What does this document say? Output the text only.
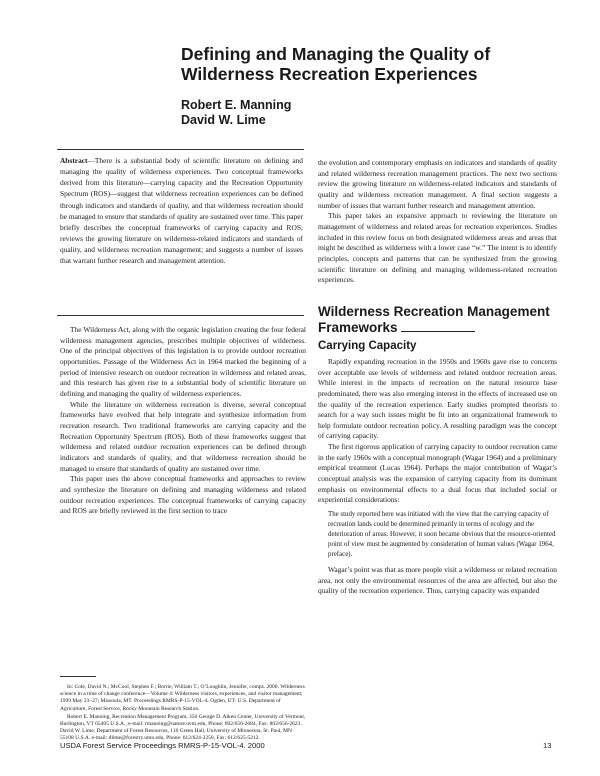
Defining and Managing the Quality of
Wilderness Recreation Experiences
Robert E. Manning
David W. Lime
Abstract—There is a substantial body of scientific literature on defining and managing the quality of wilderness experiences. Two conceptual frameworks derived from this literature—carrying capacity and the Recreation Opportunity Spectrum (ROS)—suggest that wilderness recreation experiences can be defined through indicators and standards of quality, and that wilderness recreation should be managed to ensure that standards of quality are sustained over time. This paper briefly describes the conceptual frameworks of carrying capacity and ROS; reviews the growing literature on wilderness-related indicators and standards of quality, and wilderness recreation management; and suggests a number of issues that warrant further research and management attention.

The Wilderness Act, along with the organic legislation creating the four federal wilderness management agencies, prescribes multiple objectives of wilderness. One of the principal objectives of this legislation is to provide outdoor recreation opportunities. Passage of the Wilderness Act in 1964 marked the beginning of a period of intensive research on outdoor recreation in wilderness and related areas, and this research has given rise to a substantial body of scientific literature on defining and managing the quality of wilderness experiences.

While the literature on wilderness recreation is diverse, several conceptual frameworks have evolved that help integrate and synthesize information from recreation research. Two traditional frameworks are carrying capacity and the Recreation Opportunity Spectrum (ROS). Both of these frameworks suggest that wilderness and related outdoor recreation experiences can be defined through indicators and standards of quality, and that wilderness recreation should be managed to ensure that standards of quality are sustained over time.

This paper uses the above conceptual frameworks and approaches to review and synthesize the literature on defining and managing wilderness and related outdoor recreation experiences. The conceptual frameworks of carrying capacity and ROS are briefly reviewed in the first section to trace

In: Cole, David N.; McCool, Stephen F.; Borrie, William T.; O’Loughlin, Jennifer, comps. 2000. Wilderness science in a time of change conference—Volume 4: Wilderness visitors, experiences, and visitor management; 1999 May 23–27; Missoula, MT. Proceedings RMRS-P-15-VOL-4. Ogden, UT: U.S. Department of Agriculture, Forest Service, Rocky Mountain Research Station.

Robert E. Manning, Recreation Management Program, 356 George D. Aiken Center, University of Vermont, Burlington, VT 05405 U.S.A., e-mail: rmanning@nature.uvm.edu, Phone: 802/656-2684, Fax: 802/656-2623. David W. Lime, Department of Forest Resources, 110 Green Hall, University of Minnesota, St. Paul, MN 55108 U.S.A. e-mail: dlime@forestry.umn.edu, Phone: 612/624-2250, Fax: 612/625-5212.

the evolution and contemporary emphasis on indicators and standards of quality and related wilderness recreation management practices. The next two sections review the growing literature on wilderness-related indicators and standards of quality and wilderness recreation management. A final section suggests a number of issues that warrant further research and management attention.

This paper takes an expansive approach to reviewing the literature on management of wilderness and related areas for recreation experiences. Studies included in this review focus on both designated wilderness areas and areas that might be described as wilderness with a lower case “w.” The intent is to identify principles, concepts and patterns that can be synthesized from the growing scientific literature on defining and managing wilderness-related recreation experiences.

Wilderness Recreation Management Frameworks
Carrying Capacity

Rapidly expanding recreation in the 1950s and 1960s gave rise to concerns over acceptable use levels of wilderness and related outdoor recreation areas. While interest in the impacts of recreation on the natural resource base predominated, there was also emerging interest in the effects of increased use on the quality of the recreation experience. Early studies prompted theorists to search for a way such issues might be fit into an organizational framework to help formulate outdoor recreation policy. A resulting paradigm was the concept of carrying capacity.

The first rigorous application of carrying capacity to outdoor recreation came in the early 1960s with a conceptual monograph (Wagar 1964) and a preliminary empirical treatment (Lucas 1964). Perhaps the major contribution of Wagar’s conceptual analysis was the expansion of carrying capacity from its dominant emphasis on environmental effects to a dual focus that included social or experiential considerations:

The study reported here was initiated with the view that the carrying capacity of recreation lands could be determined primarily in terms of ecology and the deterioration of areas. However, it soon became obvious that the resource-oriented point of view must be augmented by consideration of human values (Wagar 1964, preface).

Wagar’s point was that as more people visit a wilderness or related recreation area, not only the environmental resources of the area are affected, but also the quality of the recreation experience. Thus, carrying capacity was expanded

USDA Forest Service Proceedings RMRS-P-15-VOL-4. 2000	13
